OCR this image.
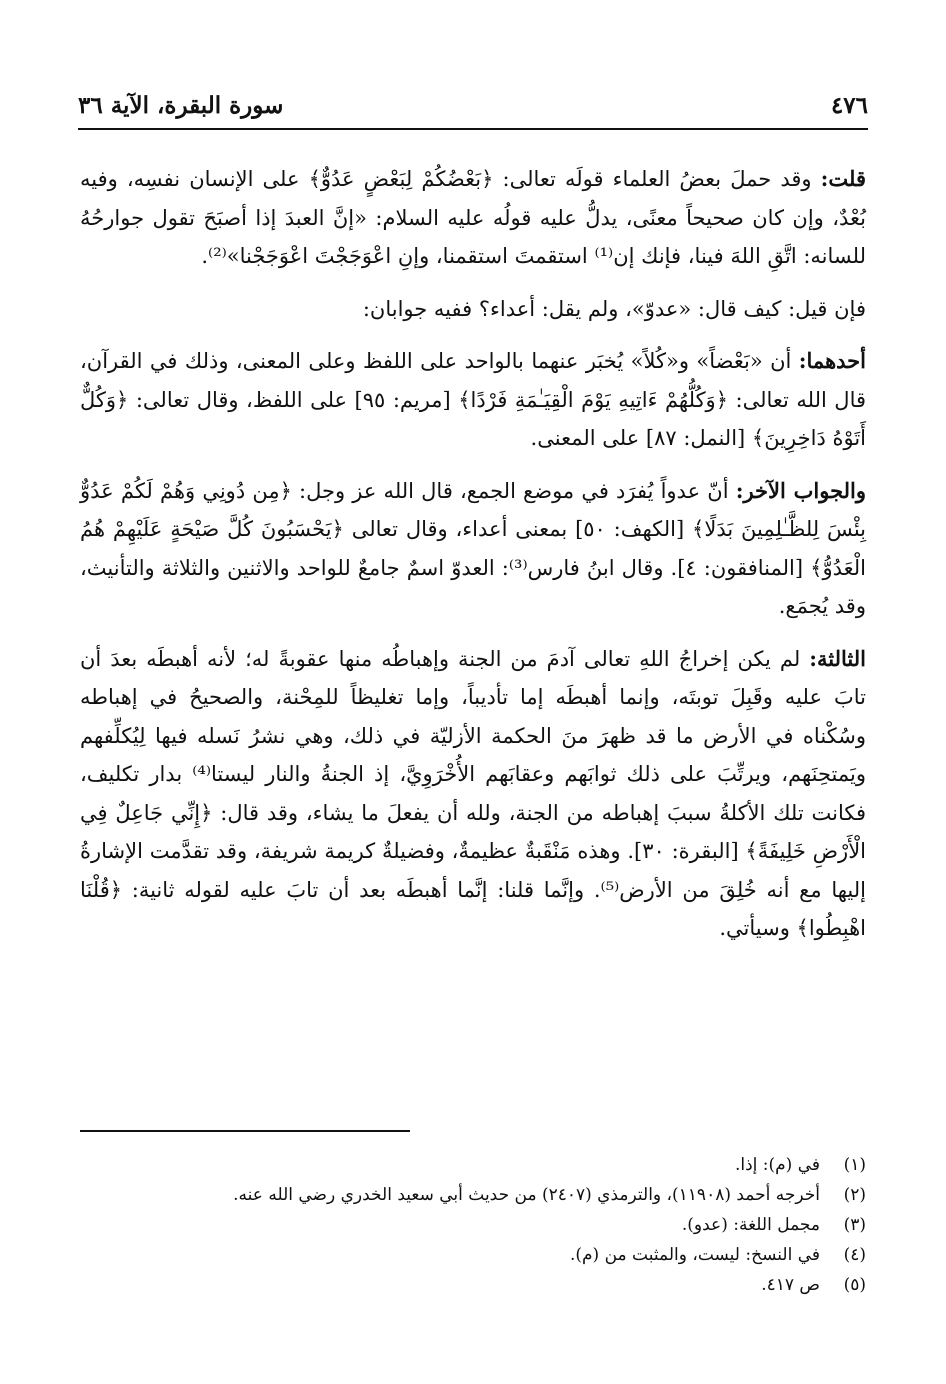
٤٧٦
سورة البقرة، الآية ٣٦

قلت: وقد حملَ بعضُ العلماء قولَه تعالى: ﴿بَعْضُكُمْ لِبَعْضٍ عَدُوٌّ﴾ على الإنسان نفسِه، وفيه بُعْدٌ، وإن كان صحيحاً معنًى، يدلُّ عليه قولُه عليه السلام: «إنَّ العبدَ إذا أصبَحَ تقول جوارحُهُ للسانه: اتَّقِ اللهَ فينا، فإنك إن⁽¹⁾ استقمتَ استقمنا، وإنِ اعْوَجَجْتَ اعْوَجَجْنا»⁽²⁾.

فإن قيل: كيف قال: «عدوّ»، ولم يقل: أعداء؟ ففيه جوابان:

أحدهما: أن «بَعْضاً» و«كُلاً» يُخبَر عنهما بالواحد على اللفظ وعلى المعنى، وذلك في القرآن، قال الله تعالى: ﴿وَكُلُّهُمْ ءَاتِيهِ يَوْمَ الْقِيَـٰمَةِ فَرْدًا﴾ [مريم: ٩٥] على اللفظ، وقال تعالى: ﴿وَكُلٌّ أَتَوْهُ دَاخِرِينَ﴾ [النمل: ٨٧] على المعنى.

والجواب الآخر: أنّ عدواً يُفرَد في موضع الجمع، قال الله عز وجل: ﴿مِن دُونِي وَهُمْ لَكُمْ عَدُوٌّ بِئْسَ لِلظَّـٰلِمِينَ بَدَلًا﴾ [الكهف: ٥٠] بمعنى أعداء، وقال تعالى ﴿يَحْسَبُونَ كُلَّ صَيْحَةٍ عَلَيْهِمْ هُمُ الْعَدُوُّ﴾ [المنافقون: ٤]. وقال ابنُ فارس⁽³⁾: العدوّ اسمٌ جامعٌ للواحد والاثنين والثلاثة والتأنيث، وقد يُجمَع.

الثالثة: لم يكن إخراجُ اللهِ تعالى آدمَ من الجنة وإهباطُه منها عقوبةً له؛ لأنه أهبطَه بعدَ أن تابَ عليه وقَبِلَ توبتَه، وإنما أهبطَه إما تأديباً، وإما تغليظاً للمِحْنة، والصحيحُ في إهباطه وسُكْناه في الأرض ما قد ظهرَ منَ الحكمة الأزليّة في ذلك، وهي نشرُ نَسله فيها لِيُكلِّفهم ويَمتحِنَهم، ويرتِّبَ على ذلك ثوابَهم وعقابَهم الأُخْرَوِيَّ، إذ الجنةُ والنار ليستا⁽⁴⁾ بدار تكليف، فكانت تلك الأكلةُ سببَ إهباطه من الجنة، ولله أن يفعلَ ما يشاء، وقد قال: ﴿إِنِّي جَاعِلٌ فِي الْأَرْضِ خَلِيفَةً﴾ [البقرة: ٣٠]. وهذه مَنْقَبةٌ عظيمةٌ، وفضيلةٌ كريمة شريفة، وقد تقدَّمت الإشارةُ إليها مع أنه خُلِقَ من الأرض⁽⁵⁾. وإنَّما قلنا: إنَّما أهبطَه بعد أن تابَ عليه لقوله ثانية: ﴿قُلْنَا اهْبِطُوا﴾ وسيأتي.

(١)
في (م): إذا.
(٢)
أخرجه أحمد (١١٩٠٨)، والترمذي (٢٤٠٧) من حديث أبي سعيد الخدري رضي الله عنه.
(٣)
مجمل اللغة: (عدو).
(٤)
في النسخ: ليست، والمثبت من (م).
(٥)
ص ٤١٧.
